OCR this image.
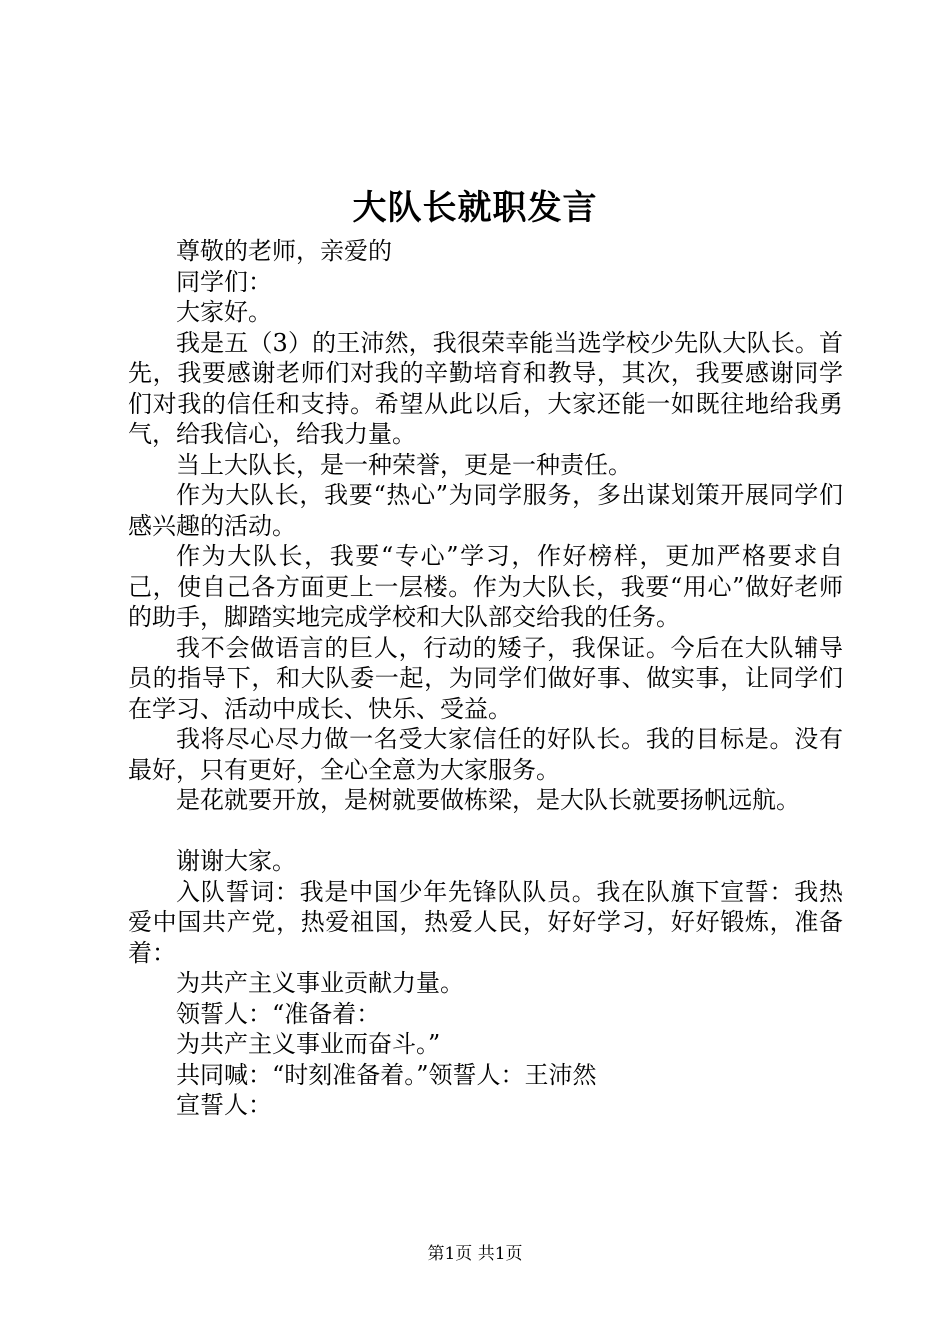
大队长就职发言

尊敬的老师，亲爱的

同学们：

大家好。

我是五（3）的王沛然，我很荣幸能当选学校少先队大队长。首先，我要感谢老师们对我的辛勤培育和教导，其次，我要感谢同学们对我的信任和支持。希望从此以后，大家还能一如既往地给我勇气，给我信心，给我力量。

当上大队长，是一种荣誉，更是一种责任。

作为大队长，我要“热心”为同学服务，多出谋划策开展同学们感兴趣的活动。

作为大队长，我要“专心”学习，作好榜样，更加严格要求自己，使自己各方面更上一层楼。作为大队长，我要“用心”做好老师的助手，脚踏实地完成学校和大队部交给我的任务。

我不会做语言的巨人，行动的矮子，我保证。今后在大队辅导员的指导下，和大队委一起，为同学们做好事、做实事，让同学们在学习、活动中成长、快乐、受益。

我将尽心尽力做一名受大家信任的好队长。我的目标是。没有最好，只有更好，全心全意为大家服务。

是花就要开放，是树就要做栋梁，是大队长就要扬帆远航。

谢谢大家。

入队誓词：我是中国少年先锋队队员。我在队旗下宣誓：我热爱中国共产党，热爱祖国，热爱人民，好好学习，好好锻炼，准备着：

为共产主义事业贡献力量。

领誓人：“准备着：

为共产主义事业而奋斗。”

共同喊：“时刻准备着。”领誓人：王沛然

宣誓人：

第1页 共1页
